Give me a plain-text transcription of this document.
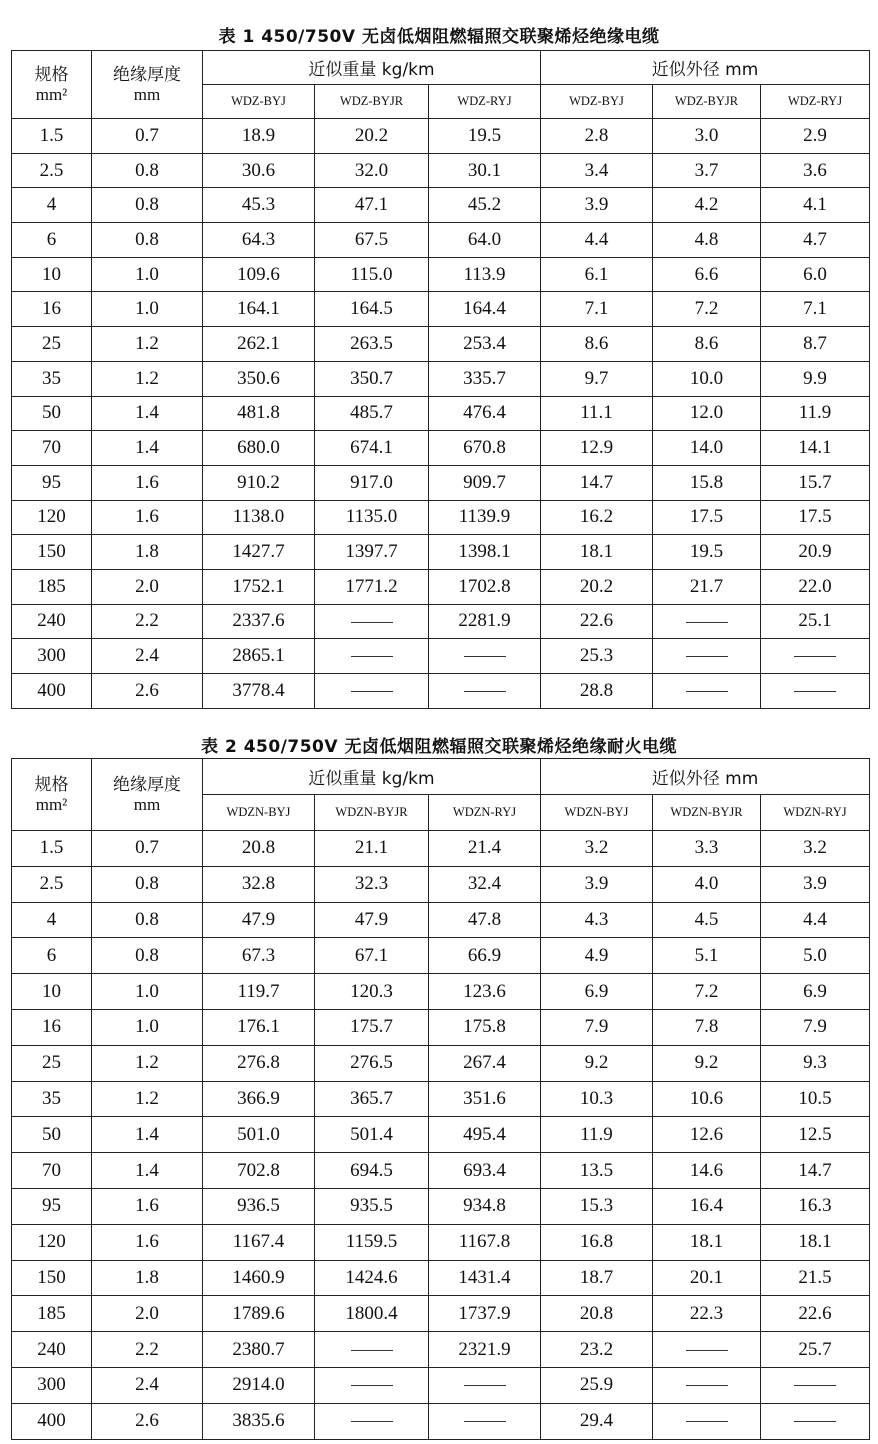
表 1 450/750V 无卤低烟阻燃辐照交联聚烯烃绝缘电缆
规格
mm²	绝缘厚度
mm	近似重量 kg/km			近似外径 mm		
		WDZ-BYJ	WDZ-BYJR	WDZ-RYJ	WDZ-BYJ	WDZ-BYJR	WDZ-RYJ
1.5	0.7	18.9	20.2	19.5	2.8	3.0	2.9
2.5	0.8	30.6	32.0	30.1	3.4	3.7	3.6
4	0.8	45.3	47.1	45.2	3.9	4.2	4.1
6	0.8	64.3	67.5	64.0	4.4	4.8	4.7
10	1.0	109.6	115.0	113.9	6.1	6.6	6.0
16	1.0	164.1	164.5	164.4	7.1	7.2	7.1
25	1.2	262.1	263.5	253.4	8.6	8.6	8.7
35	1.2	350.6	350.7	335.7	9.7	10.0	9.9
50	1.4	481.8	485.7	476.4	11.1	12.0	11.9
70	1.4	680.0	674.1	670.8	12.9	14.0	14.1
95	1.6	910.2	917.0	909.7	14.7	15.8	15.7
120	1.6	1138.0	1135.0	1139.9	16.2	17.5	17.5
150	1.8	1427.7	1397.7	1398.1	18.1	19.5	20.9
185	2.0	1752.1	1771.2	1702.8	20.2	21.7	22.0
240	2.2	2337.6		2281.9	22.6		25.1
300	2.4	2865.1			25.3		
400	2.6	3778.4			28.8		
表 2 450/750V 无卤低烟阻燃辐照交联聚烯烃绝缘耐火电缆
规格
mm²	绝缘厚度
mm	近似重量 kg/km			近似外径 mm		
		WDZN-BYJ	WDZN-BYJR	WDZN-RYJ	WDZN-BYJ	WDZN-BYJR	WDZN-RYJ
1.5	0.7	20.8	21.1	21.4	3.2	3.3	3.2
2.5	0.8	32.8	32.3	32.4	3.9	4.0	3.9
4	0.8	47.9	47.9	47.8	4.3	4.5	4.4
6	0.8	67.3	67.1	66.9	4.9	5.1	5.0
10	1.0	119.7	120.3	123.6	6.9	7.2	6.9
16	1.0	176.1	175.7	175.8	7.9	7.8	7.9
25	1.2	276.8	276.5	267.4	9.2	9.2	9.3
35	1.2	366.9	365.7	351.6	10.3	10.6	10.5
50	1.4	501.0	501.4	495.4	11.9	12.6	12.5
70	1.4	702.8	694.5	693.4	13.5	14.6	14.7
95	1.6	936.5	935.5	934.8	15.3	16.4	16.3
120	1.6	1167.4	1159.5	1167.8	16.8	18.1	18.1
150	1.8	1460.9	1424.6	1431.4	18.7	20.1	21.5
185	2.0	1789.6	1800.4	1737.9	20.8	22.3	22.6
240	2.2	2380.7		2321.9	23.2		25.7
300	2.4	2914.0			25.9		
400	2.6	3835.6			29.4		
